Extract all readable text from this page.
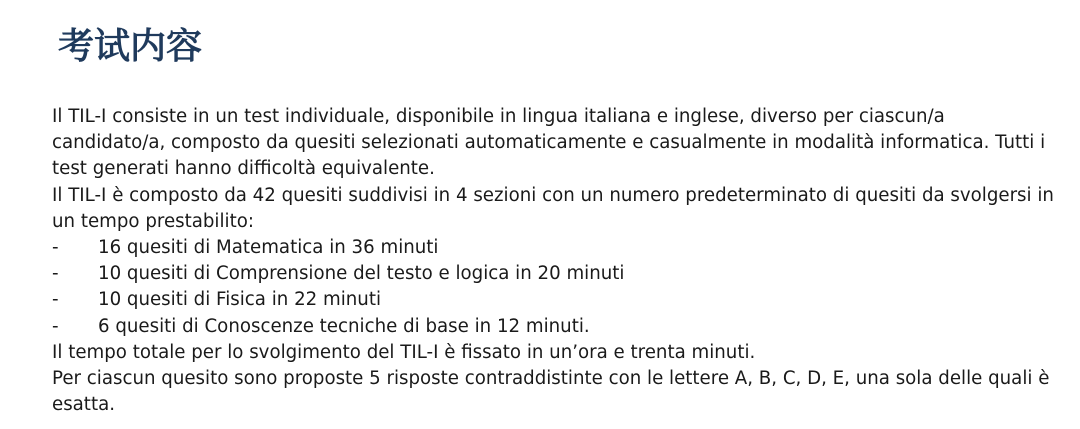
考试内容

Il TIL-I consiste in un test individuale, disponibile in lingua italiana e inglese, diverso per ciascun/a candidato/a, composto da quesiti selezionati automaticamente e casualmente in modalità informatica. Tutti i test generati hanno difficoltà equivalente.

Il TIL-I è composto da 42 quesiti suddivisi in 4 sezioni con un numero predeterminato di quesiti da svolgersi in un tempo prestabilito:

-	16 quesiti di Matematica in 36 minuti
-	10 quesiti di Comprensione del testo e logica in 20 minuti
-	10 quesiti di Fisica in 22 minuti
-	6 quesiti di Conoscenze tecniche di base in 12 minuti.

Il tempo totale per lo svolgimento del TIL-I è fissato in un’ora e trenta minuti.

Per ciascun quesito sono proposte 5 risposte contraddistinte con le lettere A, B, C, D, E, una sola delle quali è esatta.
